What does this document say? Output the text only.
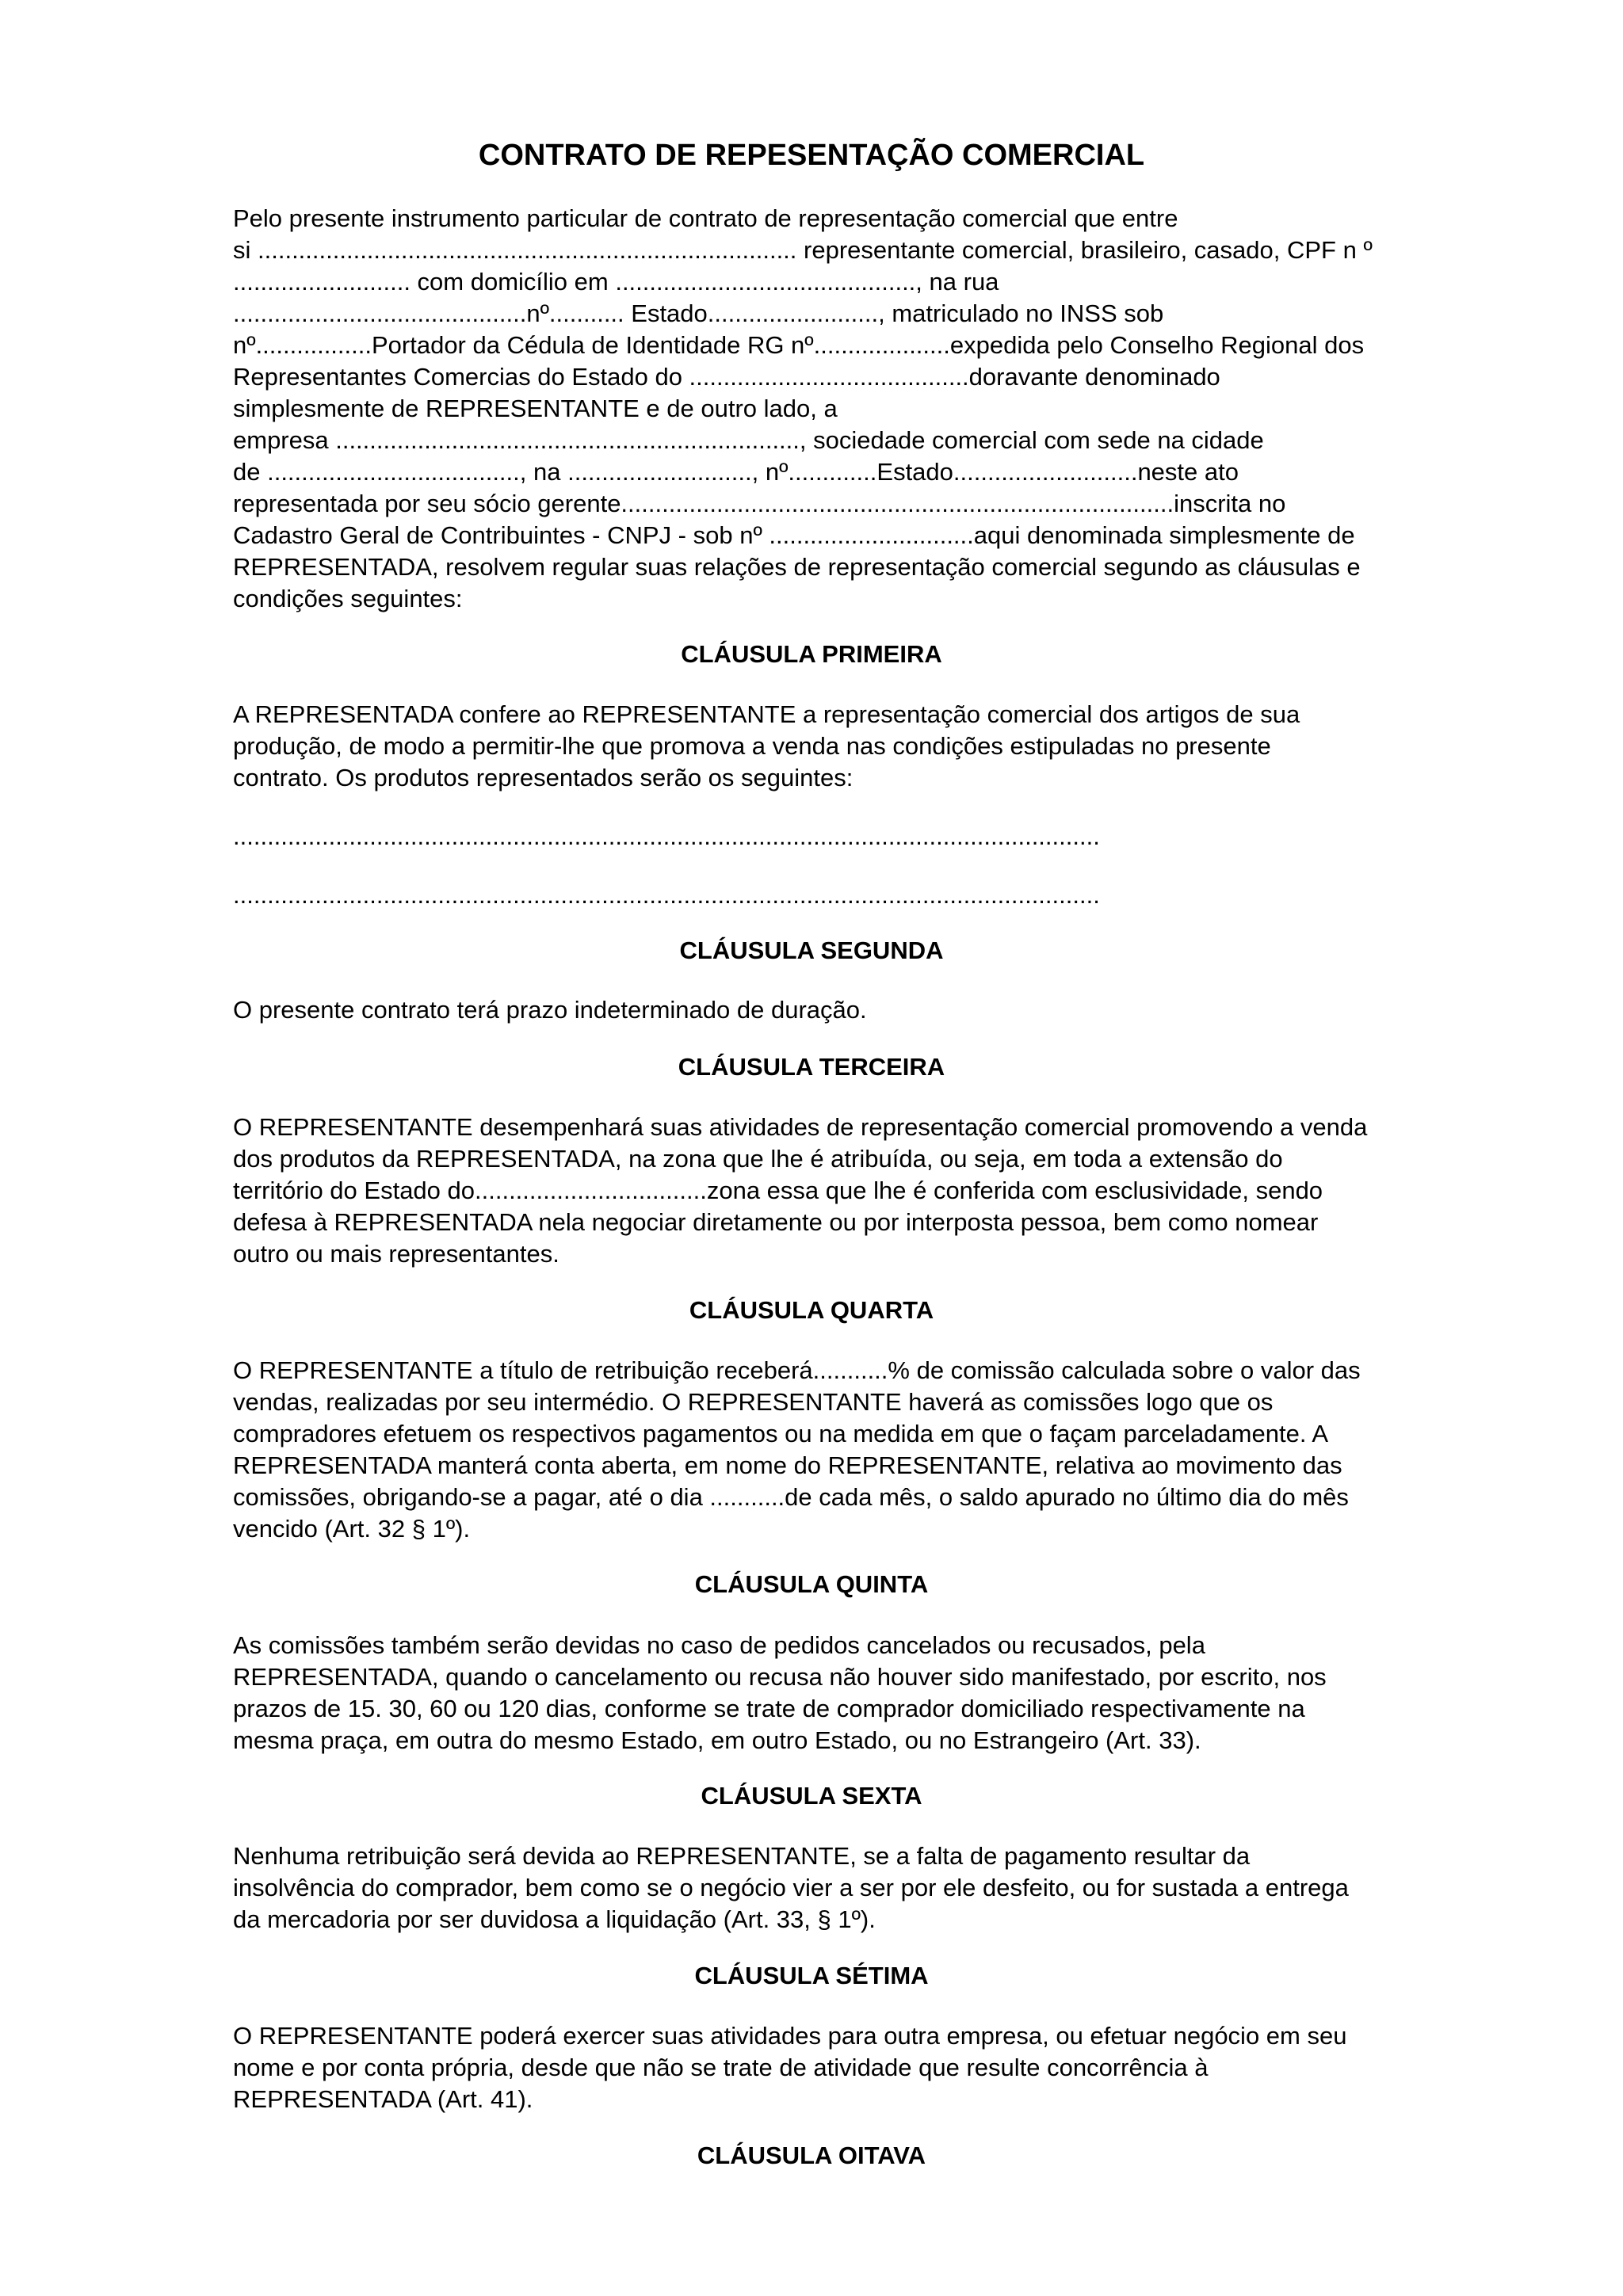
CONTRATO DE REPESENTAÇÃO COMERCIAL
Pelo presente instrumento particular de contrato de representação comercial que entre
si ............................................................................... representante comercial, brasileiro, casado, CPF n º
.......................... com domicílio em ............................................, na rua
...........................................nº........... Estado........................., matriculado no INSS sob
nº.................Portador da Cédula de Identidade RG nº....................expedida pelo Conselho Regional dos
Representantes Comercias do Estado do .........................................doravante denominado
simplesmente de REPRESENTANTE e de outro lado, a
empresa ...................................................................., sociedade comercial com sede na cidade
de ....................................., na ..........................., nº.............Estado...........................neste ato
representada por seu sócio gerente.................................................................................inscrita no
Cadastro Geral de Contribuintes - CNPJ - sob nº ..............................aqui denominada simplesmente de
REPRESENTADA, resolvem regular suas relações de representação comercial segundo as cláusulas e
condições seguintes:
CLÁUSULA PRIMEIRA
A REPRESENTADA confere ao REPRESENTANTE a representação comercial dos artigos de sua
produção, de modo a permitir-lhe que promova a venda nas condições estipuladas no presente
contrato. Os produtos representados serão os seguintes:
...............................................................................................................................
...............................................................................................................................
CLÁUSULA SEGUNDA
O presente contrato terá prazo indeterminado de duração.
CLÁUSULA TERCEIRA
O REPRESENTANTE desempenhará suas atividades de representação comercial promovendo a venda
dos produtos da REPRESENTADA, na zona que lhe é atribuída, ou seja, em toda a extensão do
território do Estado do..................................zona essa que lhe é conferida com esclusividade, sendo
defesa à REPRESENTADA nela negociar diretamente ou por interposta pessoa, bem como nomear
outro ou mais representantes.
CLÁUSULA QUARTA
O REPRESENTANTE a título de retribuição receberá...........% de comissão calculada sobre o valor das
vendas, realizadas por seu intermédio. O REPRESENTANTE haverá as comissões logo que os
compradores efetuem os respectivos pagamentos ou na medida em que o façam parceladamente. A
REPRESENTADA manterá conta aberta, em nome do REPRESENTANTE, relativa ao movimento das
comissões, obrigando-se a pagar, até o dia ...........de cada mês, o saldo apurado no último dia do mês
vencido (Art. 32 § 1º).
CLÁUSULA QUINTA
As comissões também serão devidas no caso de pedidos cancelados ou recusados, pela
REPRESENTADA, quando o cancelamento ou recusa não houver sido manifestado, por escrito, nos
prazos de 15. 30, 60 ou 120 dias, conforme se trate de comprador domiciliado respectivamente na
mesma praça, em outra do mesmo Estado, em outro Estado, ou no Estrangeiro (Art. 33).
CLÁUSULA SEXTA
Nenhuma retribuição será devida ao REPRESENTANTE, se a falta de pagamento resultar da
insolvência do comprador, bem como se o negócio vier a ser por ele desfeito, ou for sustada a entrega
da mercadoria por ser duvidosa a liquidação (Art. 33, § 1º).
CLÁUSULA SÉTIMA
O REPRESENTANTE poderá exercer suas atividades para outra empresa, ou efetuar negócio em seu
nome e por conta própria, desde que não se trate de atividade que resulte concorrência à
REPRESENTADA (Art. 41).
CLÁUSULA OITAVA
